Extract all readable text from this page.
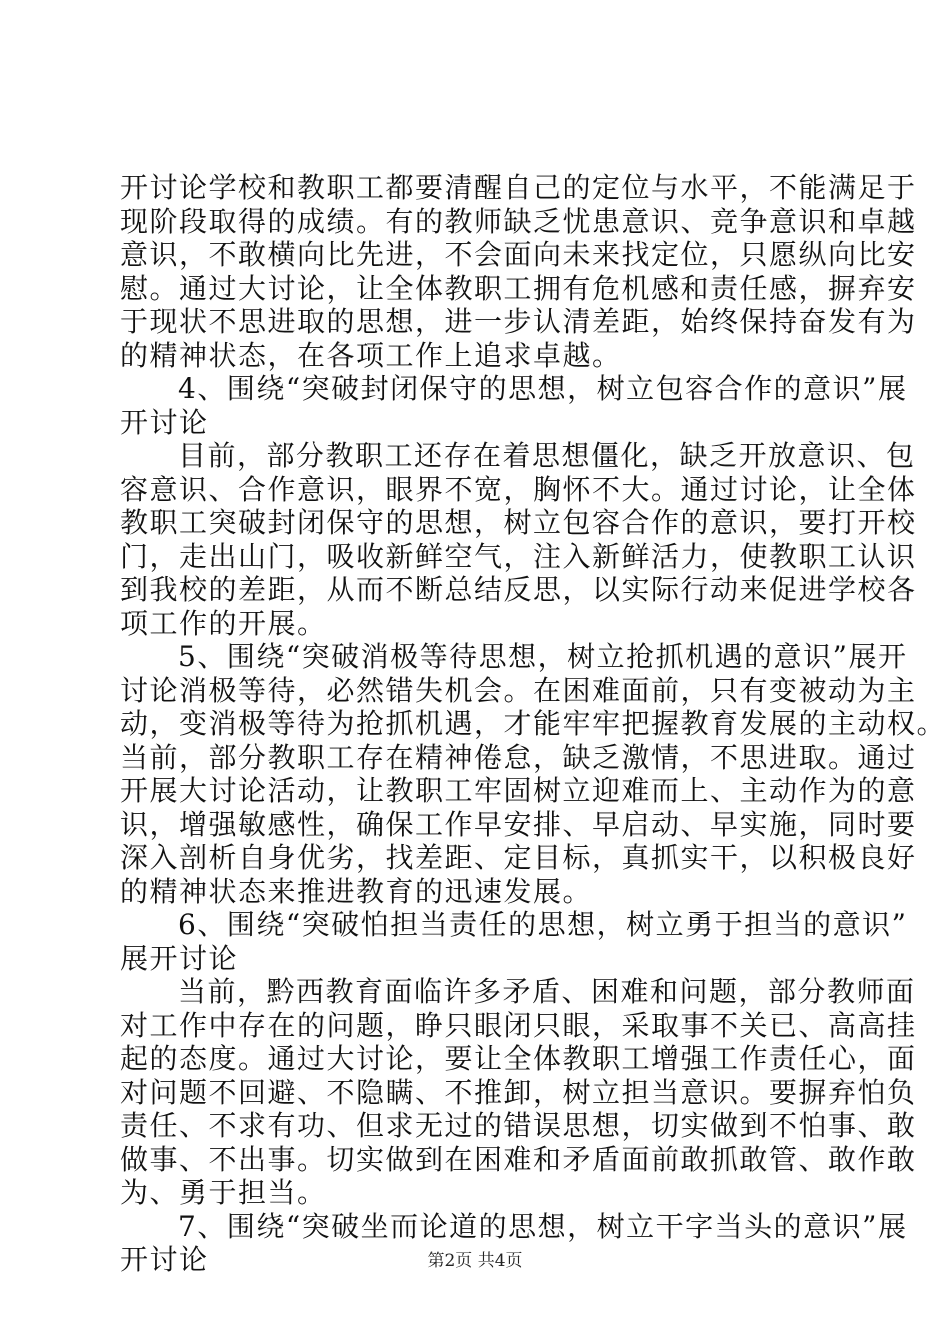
开讨论学校和教职工都要清醒自己的定位与水平，不能满足于
现阶段取得的成绩。有的教师缺乏忧患意识、竞争意识和卓越
意识，不敢横向比先进，不会面向未来找定位，只愿纵向比安
慰。通过大讨论，让全体教职工拥有危机感和责任感，摒弃安
于现状不思进取的思想，进一步认清差距，始终保持奋发有为
的精神状态，在各项工作上追求卓越。
4、围绕“突破封闭保守的思想，树立包容合作的意识”展
开讨论
目前，部分教职工还存在着思想僵化，缺乏开放意识、包
容意识、合作意识，眼界不宽，胸怀不大。通过讨论，让全体
教职工突破封闭保守的思想，树立包容合作的意识，要打开校
门，走出山门，吸收新鲜空气，注入新鲜活力，使教职工认识
到我校的差距，从而不断总结反思，以实际行动来促进学校各
项工作的开展。
5、围绕“突破消极等待思想，树立抢抓机遇的意识”展开
讨论消极等待，必然错失机会。在困难面前，只有变被动为主
动，变消极等待为抢抓机遇，才能牢牢把握教育发展的主动权。
当前，部分教职工存在精神倦怠，缺乏激情，不思进取。通过
开展大讨论活动，让教职工牢固树立迎难而上、主动作为的意
识，增强敏感性，确保工作早安排、早启动、早实施，同时要
深入剖析自身优劣，找差距、定目标，真抓实干，以积极良好
的精神状态来推进教育的迅速发展。
6、围绕“突破怕担当责任的思想，树立勇于担当的意识”
展开讨论
当前，黔西教育面临许多矛盾、困难和问题，部分教师面
对工作中存在的问题，睁只眼闭只眼，采取事不关已、高高挂
起的态度。通过大讨论，要让全体教职工增强工作责任心，面
对问题不回避、不隐瞒、不推卸，树立担当意识。要摒弃怕负
责任、不求有功、但求无过的错误思想，切实做到不怕事、敢
做事、不出事。切实做到在困难和矛盾面前敢抓敢管、敢作敢
为、勇于担当。
7、围绕“突破坐而论道的思想，树立干字当头的意识”展
开讨论	第2页 共4页
